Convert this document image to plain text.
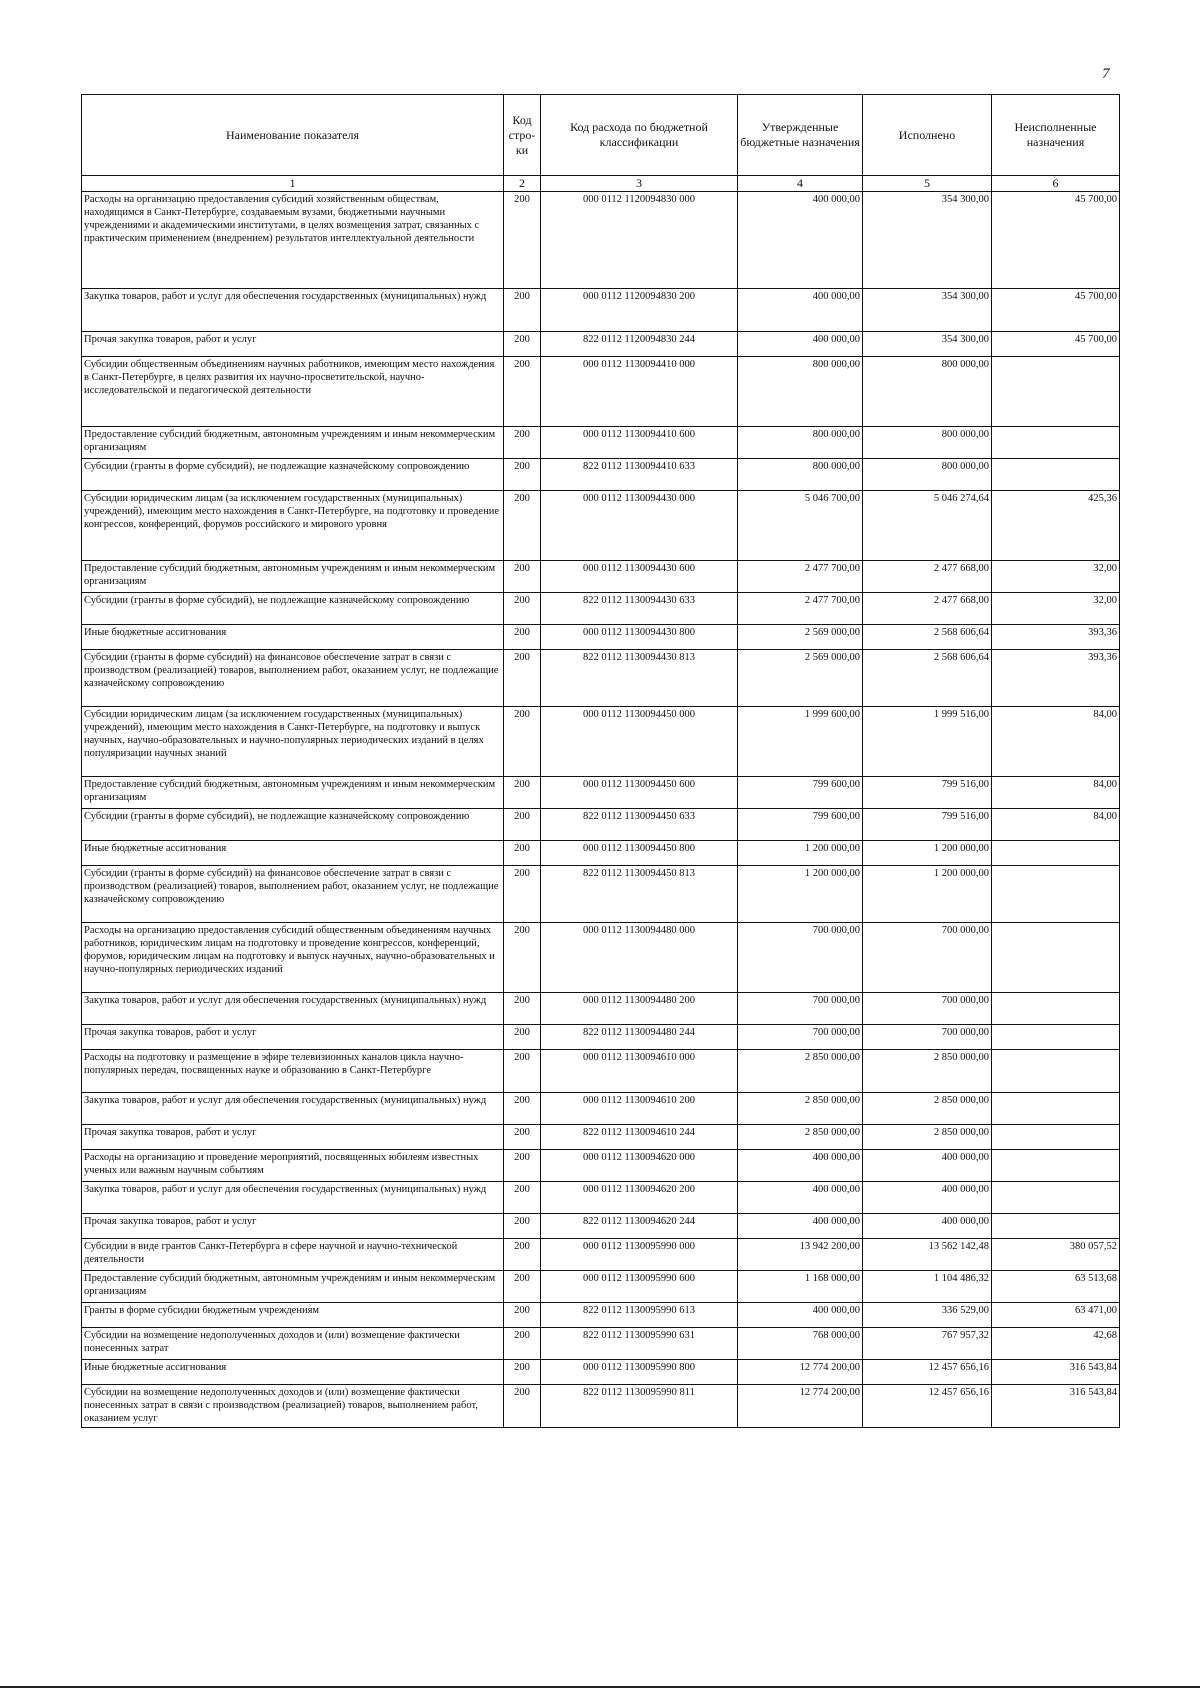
7
Наименование показателя	Код стро-ки	Код расхода по бюджетной классификации	Утвержденные бюджетные назначения	Исполнено	Неисполненные назначения
1	2	3	4	5	6
Расходы на организацию предоставления субсидий хозяйственным обществам, находящимся в Санкт-Петербурге, создаваемым вузами, бюджетными научными учреждениями и академическими институтами, в целях возмещения затрат, связанных с практическим применением (внедрением) результатов интеллектуальной деятельности	200	000 0112 1120094830 000	400 000,00	354 300,00	45 700,00
Закупка товаров, работ и услуг для обеспечения государственных (муниципальных) нужд	200	000 0112 1120094830 200	400 000,00	354 300,00	45 700,00
Прочая закупка товаров, работ и услуг	200	822 0112 1120094830 244	400 000,00	354 300,00	45 700,00
Субсидии общественным объединениям научных работников, имеющим место нахождения в Санкт-Петербурге, в целях развития их научно-просветительской, научно-исследовательской и педагогической деятельности	200	000 0112 1130094410 000	800 000,00	800 000,00	
Предоставление субсидий бюджетным, автономным учреждениям и иным некоммерческим организациям	200	000 0112 1130094410 600	800 000,00	800 000,00	
Субсидии (гранты в форме субсидий), не подлежащие казначейскому сопровождению	200	822 0112 1130094410 633	800 000,00	800 000,00	
Субсидии юридическим лицам (за исключением государственных (муниципальных) учреждений), имеющим место нахождения в Санкт-Петербурге, на подготовку и проведение конгрессов, конференций, форумов российского и мирового уровня	200	000 0112 1130094430 000	5 046 700,00	5 046 274,64	425,36
Предоставление субсидий бюджетным, автономным учреждениям и иным некоммерческим организациям	200	000 0112 1130094430 600	2 477 700,00	2 477 668,00	32,00
Субсидии (гранты в форме субсидий), не подлежащие казначейскому сопровождению	200	822 0112 1130094430 633	2 477 700,00	2 477 668,00	32,00
Иные бюджетные ассигнования	200	000 0112 1130094430 800	2 569 000,00	2 568 606,64	393,36
Субсидии (гранты в форме субсидий) на финансовое обеспечение затрат в связи с производством (реализацией) товаров, выполнением работ, оказанием услуг, не подлежащие казначейскому сопровождению	200	822 0112 1130094430 813	2 569 000,00	2 568 606,64	393,36
Субсидии юридическим лицам (за исключением государственных (муниципальных) учреждений), имеющим место нахождения в Санкт-Петербурге, на подготовку и выпуск научных, научно-образовательных и научно-популярных периодических изданий в целях популяризации научных знаний	200	000 0112 1130094450 000	1 999 600,00	1 999 516,00	84,00
Предоставление субсидий бюджетным, автономным учреждениям и иным некоммерческим организациям	200	000 0112 1130094450 600	799 600,00	799 516,00	84,00
Субсидии (гранты в форме субсидий), не подлежащие казначейскому сопровождению	200	822 0112 1130094450 633	799 600,00	799 516,00	84,00
Иные бюджетные ассигнования	200	000 0112 1130094450 800	1 200 000,00	1 200 000,00	
Субсидии (гранты в форме субсидий) на финансовое обеспечение затрат в связи с производством (реализацией) товаров, выполнением работ, оказанием услуг, не подлежащие казначейскому сопровождению	200	822 0112 1130094450 813	1 200 000,00	1 200 000,00	
Расходы на организацию предоставления субсидий общественным объединениям научных работников, юридическим лицам на подготовку и проведение конгрессов, конференций, форумов, юридическим лицам на подготовку и выпуск научных, научно-образовательных и научно-популярных периодических изданий	200	000 0112 1130094480 000	700 000,00	700 000,00	
Закупка товаров, работ и услуг для обеспечения государственных (муниципальных) нужд	200	000 0112 1130094480 200	700 000,00	700 000,00	
Прочая закупка товаров, работ и услуг	200	822 0112 1130094480 244	700 000,00	700 000,00	
Расходы на подготовку и размещение в эфире телевизионных каналов цикла научно-популярных передач, посвященных науке и образованию в Санкт-Петербурге	200	000 0112 1130094610 000	2 850 000,00	2 850 000,00	
Закупка товаров, работ и услуг для обеспечения государственных (муниципальных) нужд	200	000 0112 1130094610 200	2 850 000,00	2 850 000,00	
Прочая закупка товаров, работ и услуг	200	822 0112 1130094610 244	2 850 000,00	2 850 000,00	
Расходы на организацию и проведение мероприятий, посвященных юбилеям известных ученых или важным научным событиям	200	000 0112 1130094620 000	400 000,00	400 000,00	
Закупка товаров, работ и услуг для обеспечения государственных (муниципальных) нужд	200	000 0112 1130094620 200	400 000,00	400 000,00	
Прочая закупка товаров, работ и услуг	200	822 0112 1130094620 244	400 000,00	400 000,00	
Субсидии в виде грантов Санкт-Петербурга в сфере научной и научно-технической деятельности	200	000 0112 1130095990 000	13 942 200,00	13 562 142,48	380 057,52
Предоставление субсидий бюджетным, автономным учреждениям и иным некоммерческим организациям	200	000 0112 1130095990 600	1 168 000,00	1 104 486,32	63 513,68
Гранты в форме субсидии бюджетным учреждениям	200	822 0112 1130095990 613	400 000,00	336 529,00	63 471,00
Субсидии на возмещение недополученных доходов и (или) возмещение фактически понесенных затрат	200	822 0112 1130095990 631	768 000,00	767 957,32	42,68
Иные бюджетные ассигнования	200	000 0112 1130095990 800	12 774 200,00	12 457 656,16	316 543,84
Субсидии на возмещение недополученных доходов и (или) возмещение фактически понесенных затрат в связи с производством (реализацией) товаров, выполнением работ, оказанием услуг	200	822 0112 1130095990 811	12 774 200,00	12 457 656,16	316 543,84
